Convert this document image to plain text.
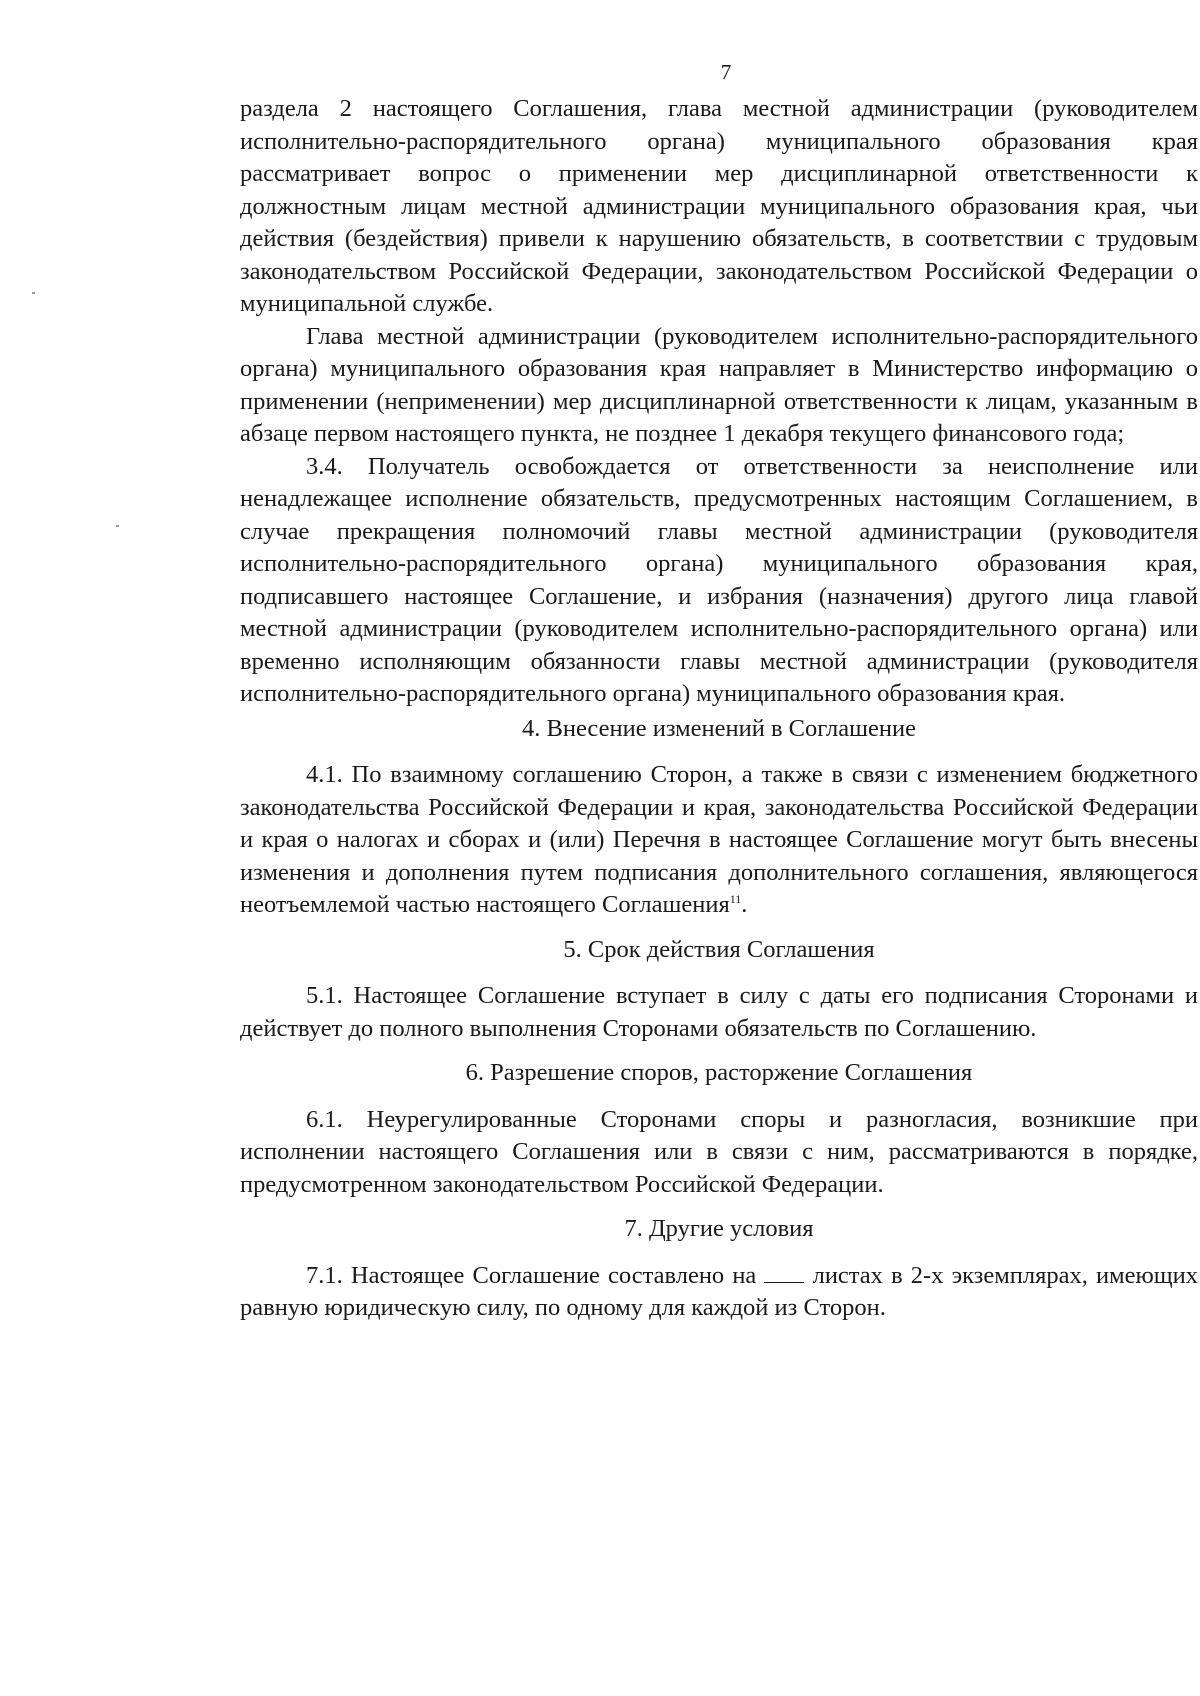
7

раздела 2 настоящего Соглашения, глава местной администрации (руководителем исполнительно-распорядительного органа) муниципального образования края рассматривает вопрос о применении мер дисциплинарной ответственности к должностным лицам местной администрации муниципального образования края, чьи действия (бездействия) привели к нарушению обязательств, в соответствии с трудовым законодательством Российской Федерации, законодательством Российской Федерации о муниципальной службе.

Глава местной администрации (руководителем исполнительно-распорядительного органа) муниципального образования края направляет в Министерство информацию о применении (неприменении) мер дисциплинарной ответственности к лицам, указанным в абзаце первом настоящего пункта, не позднее 1 декабря текущего финансового года;

3.4. Получатель освобождается от ответственности за неисполнение или ненадлежащее исполнение обязательств, предусмотренных настоящим Соглашением, в случае прекращения полномочий главы местной администрации (руководителя исполнительно-распорядительного органа) муниципального образования края, подписавшего настоящее Соглашение, и избрания (назначения) другого лица главой местной администрации (руководителем исполнительно-распорядительного органа) или временно исполняющим обязанности главы местной администрации (руководителя исполнительно-распорядительного органа) муниципального образования края.

4. Внесение изменений в Соглашение

4.1. По взаимному соглашению Сторон, а также в связи с изменением бюджетного законодательства Российской Федерации и края, законодательства Российской Федерации и края о налогах и сборах и (или) Перечня в настоящее Соглашение могут быть внесены изменения и дополнения путем подписания дополнительного соглашения, являющегося неотъемлемой частью настоящего Соглашения$^{11}$.

5. Срок действия Соглашения

5.1. Настоящее Соглашение вступает в силу с даты его подписания Сторонами и действует до полного выполнения Сторонами обязательств по Соглашению.

6. Разрешение споров, расторжение Соглашения

6.1. Неурегулированные Сторонами споры и разногласия, возникшие при исполнении настоящего Соглашения или в связи с ним, рассматриваются в порядке, предусмотренном законодательством Российской Федерации.

7. Другие условия

7.1. Настоящее Соглашение составлено на листах в 2-х экземплярах, имеющих равную юридическую силу, по одному для каждой из Сторон.
